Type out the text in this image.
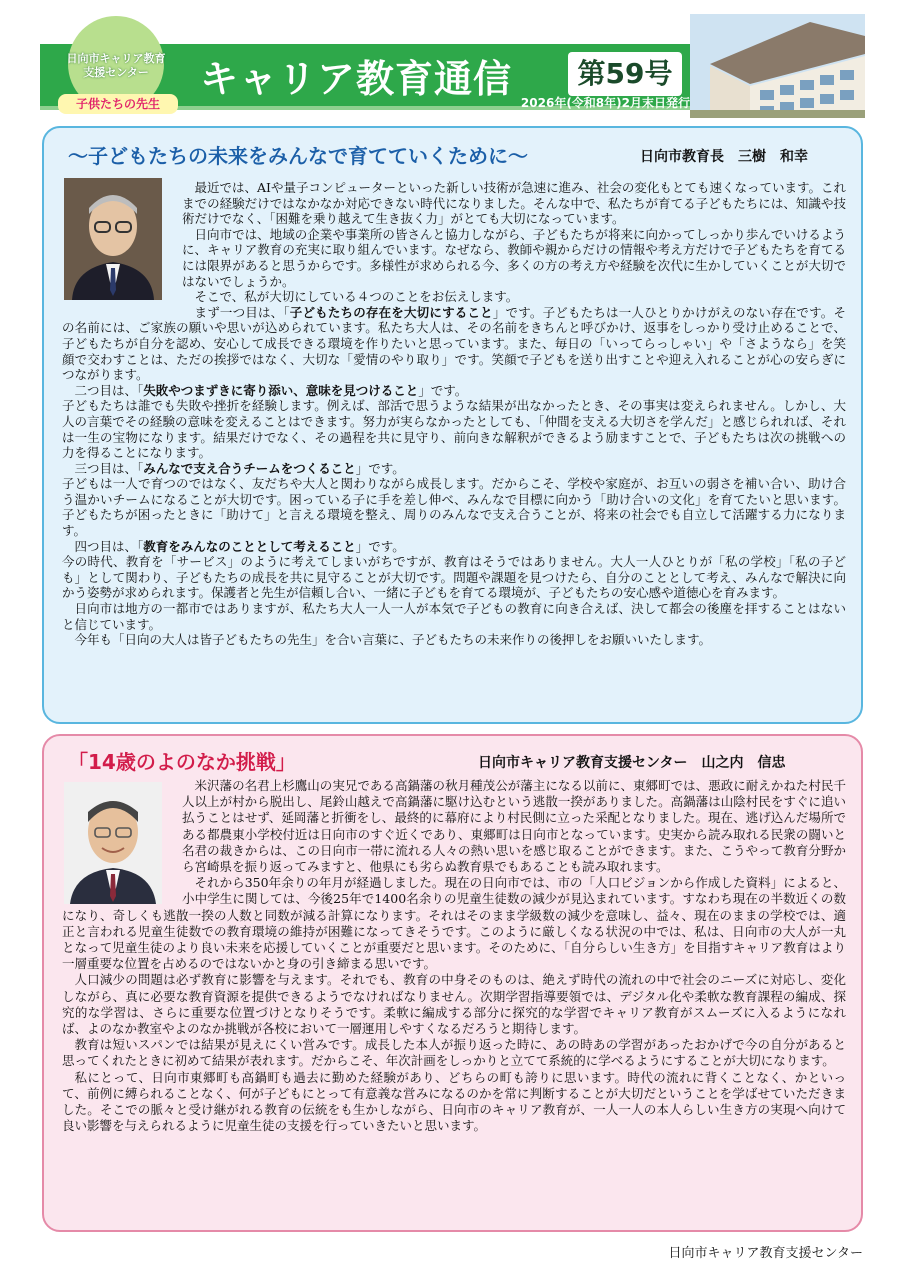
日向市キャリア教育
支援センター
子供たちの先生
キャリア教育通信	第59号
2026年(令和8年)2月末日発行
～子どもたちの未来をみんなで育てていくために～	日向市教育長　三樹　和幸

最近では、AIや量子コンピューターといった新しい技術が急速に進み、社会の変化もとても速くなっています。これまでの経験だけではなかなか対応できない時代になりました。そんな中で、私たちが育てる子どもたちには、知識や技術だけでなく、「困難を乗り越えて生き抜く力」がとても大切になっています。

日向市では、地域の企業や事業所の皆さんと協力しながら、子どもたちが将来に向かってしっかり歩んでいけるように、キャリア教育の充実に取り組んでいます。なぜなら、教師や親からだけの情報や考え方だけで子どもたちを育てるには限界があると思うからです。多様性が求められる今、多くの方の考え方や経験を次代に生かしていくことが大切ではないでしょうか。

そこで、私が大切にしている４つのことをお伝えします。

まず一つ目は、「子どもたちの存在を大切にすること」です。子どもたちは一人ひとりかけがえのない存在です。その名前には、ご家族の願いや思いが込められています。私たち大人は、その名前をきちんと呼びかけ、返事をしっかり受け止めることで、子どもたちが自分を認め、安心して成長できる環境を作りたいと思っています。また、毎日の「いってらっしゃい」や「さようなら」を笑顔で交わすことは、ただの挨拶ではなく、大切な「愛情のやり取り」です。笑顔で子どもを送り出すことや迎え入れることが心の安らぎにつながります。

二つ目は、「失敗やつまずきに寄り添い、意味を見つけること」です。

子どもたちは誰でも失敗や挫折を経験します。例えば、部活で思うような結果が出なかったとき、その事実は変えられません。しかし、大人の言葉でその経験の意味を変えることはできます。努力が実らなかったとしても、「仲間を支える大切さを学んだ」と感じられれば、それは一生の宝物になります。結果だけでなく、その過程を共に見守り、前向きな解釈ができるよう励ますことで、子どもたちは次の挑戦への力を得ることになります。

三つ目は、「みんなで支え合うチームをつくること」です。

子どもは一人で育つのではなく、友だちや大人と関わりながら成長します。だからこそ、学校や家庭が、お互いの弱さを補い合い、助け合う温かいチームになることが大切です。困っている子に手を差し伸べ、みんなで目標に向かう「助け合いの文化」を育てたいと思います。子どもたちが困ったときに「助けて」と言える環境を整え、周りのみんなで支え合うことが、将来の社会でも自立して活躍する力になります。

四つ目は、「教育をみんなのこととして考えること」です。

今の時代、教育を「サービス」のように考えてしまいがちですが、教育はそうではありません。大人一人ひとりが「私の学校」「私の子ども」として関わり、子どもたちの成長を共に見守ることが大切です。問題や課題を見つけたら、自分のこととして考え、みんなで解決に向かう姿勢が求められます。保護者と先生が信頼し合い、一緒に子どもを育てる環境が、子どもたちの安心感や道徳心を育みます。

日向市は地方の一都市ではありますが、私たち大人一人一人が本気で子どもの教育に向き合えば、決して都会の後塵を拝することはないと信じています。

今年も「日向の大人は皆子どもたちの先生」を合い言葉に、子どもたちの未来作りの後押しをお願いいたします。

「14歳のよのなか挑戦」	日向市キャリア教育支援センター　山之内　信忠

米沢藩の名君上杉鷹山の実兄である高鍋藩の秋月種茂公が藩主になる以前に、東郷町では、悪政に耐えかねた村民千人以上が村から脱出し、尾鈴山越えで高鍋藩に駆け込むという逃散一揆がありました。高鍋藩は山陰村民をすぐに追い払うことはせず、延岡藩と折衝をし、最終的に幕府により村民側に立った采配となりました。現在、逃げ込んだ場所である都農東小学校付近は日向市のすぐ近くであり、東郷町は日向市となっています。史実から読み取れる民衆の闘いと名君の裁きからは、この日向市一帯に流れる人々の熱い思いを感じ取ることができます。また、こうやって教育分野から宮崎県を振り返ってみますと、他県にも劣らぬ教育県でもあることも読み取れます。

それから350年余りの年月が経過しました。現在の日向市では、市の「人口ビジョンから作成した資料」によると、小中学生に関しては、今後25年で1400名余りの児童生徒数の減少が見込まれています。すなわち現在の半数近くの数になり、奇しくも逃散一揆の人数と同数が減る計算になります。それはそのまま学級数の減少を意味し、益々、現在のままの学校では、適正と言われる児童生徒数での教育環境の維持が困難になってきそうです。このように厳しくなる状況の中では、私は、日向市の大人が一丸となって児童生徒のより良い未来を応援していくことが重要だと思います。そのために、「自分らしい生き方」を目指すキャリア教育はより一層重要な位置を占めるのではないかと身の引き締まる思いです。

人口減少の問題は必ず教育に影響を与えます。それでも、教育の中身そのものは、絶えず時代の流れの中で社会のニーズに対応し、変化しながら、真に必要な教育資源を提供できるようでなければなりません。次期学習指導要領では、デジタル化や柔軟な教育課程の編成、探究的な学習は、さらに重要な位置づけとなりそうです。柔軟に編成する部分に探究的な学習でキャリア教育がスムーズに入るようになれば、よのなか教室やよのなか挑戦が各校において一層運用しやすくなるだろうと期待します。

教育は短いスパンでは結果が見えにくい営みです。成長した本人が振り返った時に、あの時あの学習があったおかげで今の自分があると思ってくれたときに初めて結果が表れます。だからこそ、年次計画をしっかりと立てて系統的に学べるようにすることが大切になります。

私にとって、日向市東郷町も高鍋町も過去に勤めた経験があり、どちらの町も誇りに思います。時代の流れに背くことなく、かといって、前例に縛られることなく、何が子どもにとって有意義な営みになるのかを常に判断することが大切だということを学ばせていただきました。そこでの脈々と受け継がれる教育の伝統をも生かしながら、日向市のキャリア教育が、一人一人の本人らしい生き方の実現へ向けて良い影響を与えられるように児童生徒の支援を行っていきたいと思います。

日向市キャリア教育支援センター
